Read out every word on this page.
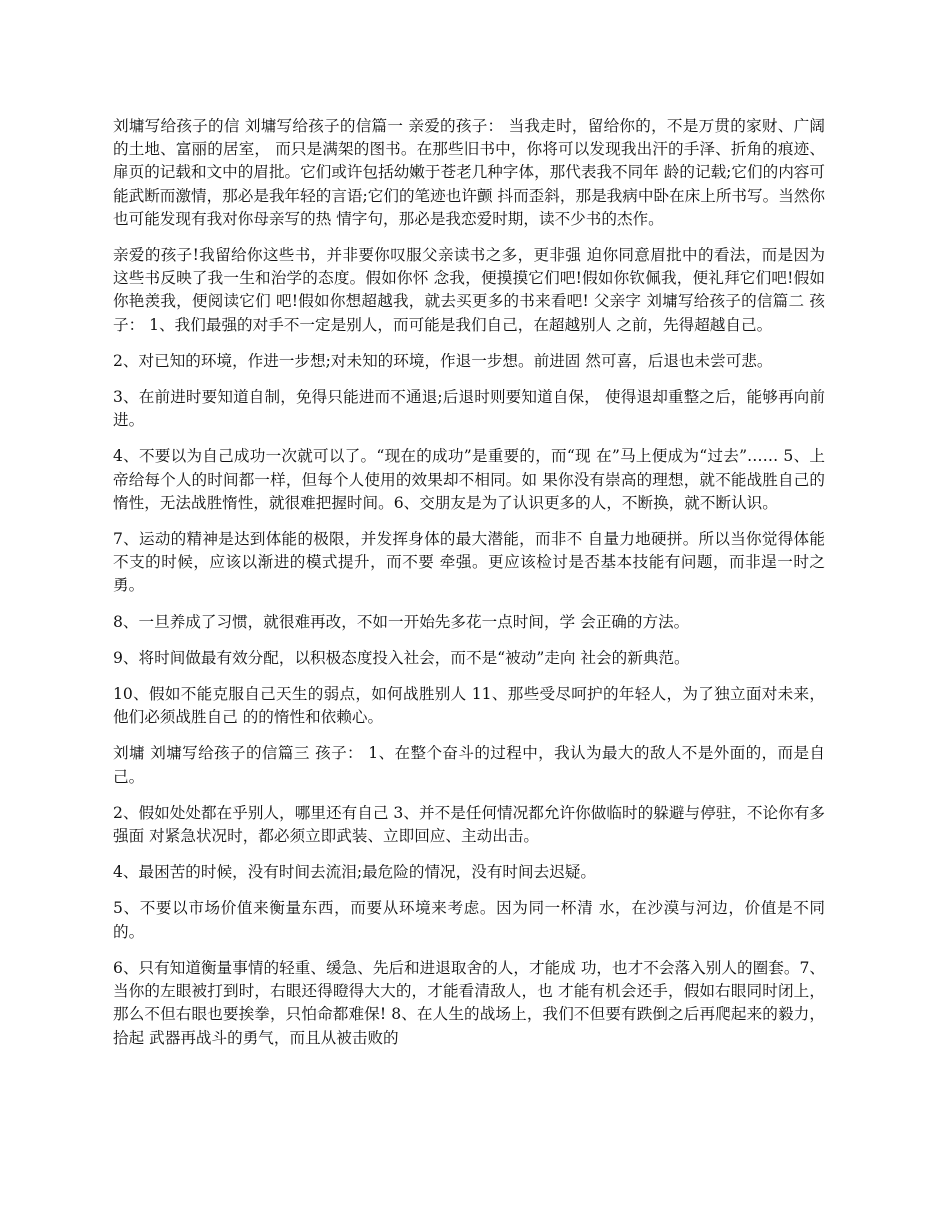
刘墉写给孩子的信 刘墉写给孩子的信篇一 亲爱的孩子： 当我走时，留给你的，不是万贯的家财、广阔的土地、富丽的居室， 而只是满架的图书。在那些旧书中，你将可以发现我出汗的手泽、折角的痕迹、 扉页的记载和文中的眉批。它们或许包括幼嫩于苍老几种字体，那代表我不同年 龄的记载;它们的内容可能武断而激情，那必是我年轻的言语;它们的笔迹也许颤 抖而歪斜，那是我病中卧在床上所书写。当然你也可能发现有我对你母亲写的热 情字句，那必是我恋爱时期，读不少书的杰作。

亲爱的孩子!我留给你这些书，并非要你叹服父亲读书之多，更非强 迫你同意眉批中的看法，而是因为这些书反映了我一生和治学的态度。假如你怀 念我，便摸摸它们吧!假如你钦佩我，便礼拜它们吧!假如你艳羡我，便阅读它们 吧!假如你想超越我，就去买更多的书来看吧! 父亲字 刘墉写给孩子的信篇二 孩子： 1、我们最强的对手不一定是别人，而可能是我们自己，在超越别人 之前，先得超越自己。

2、对已知的环境，作进一步想;对未知的环境，作退一步想。前进固 然可喜，后退也未尝可悲。

3、在前进时要知道自制，免得只能进而不通退;后退时则要知道自保， 使得退却重整之后，能够再向前进。

4、不要以为自己成功一次就可以了。“现在的成功”是重要的，而“现 在”马上便成为“过去”…… 5、上帝给每个人的时间都一样，但每个人使用的效果却不相同。如 果你没有崇高的理想，就不能战胜自己的惰性，无法战胜惰性，就很难把握时间。6、交朋友是为了认识更多的人，不断换，就不断认识。

7、运动的精神是达到体能的极限，并发挥身体的最大潜能，而非不 自量力地硬拼。所以当你觉得体能不支的时候，应该以渐进的模式提升，而不要 牵强。更应该检讨是否基本技能有问题，而非逞一时之勇。

8、一旦养成了习惯，就很难再改，不如一开始先多花一点时间，学 会正确的方法。

9、将时间做最有效分配，以积极态度投入社会，而不是“被动”走向 社会的新典范。

10、假如不能克服自己天生的弱点，如何战胜别人 11、那些受尽呵护的年轻人，为了独立面对未来，他们必须战胜自己 的的惰性和依赖心。

刘墉 刘墉写给孩子的信篇三 孩子： 1、在整个奋斗的过程中，我认为最大的敌人不是外面的，而是自己。

2、假如处处都在乎别人，哪里还有自己 3、并不是任何情况都允许你做临时的躲避与停驻，不论你有多强面 对紧急状况时，都必须立即武装、立即回应、主动出击。

4、最困苦的时候，没有时间去流泪;最危险的情况，没有时间去迟疑。

5、不要以市场价值来衡量东西，而要从环境来考虑。因为同一杯清 水，在沙漠与河边，价值是不同的。

6、只有知道衡量事情的轻重、缓急、先后和进退取舍的人，才能成 功，也才不会落入别人的圈套。7、当你的左眼被打到时，右眼还得瞪得大大的，才能看清敌人，也 才能有机会还手，假如右眼同时闭上，那么不但右眼也要挨拳，只怕命都难保! 8、在人生的战场上，我们不但要有跌倒之后再爬起来的毅力，拾起 武器再战斗的勇气，而且从被击败的
